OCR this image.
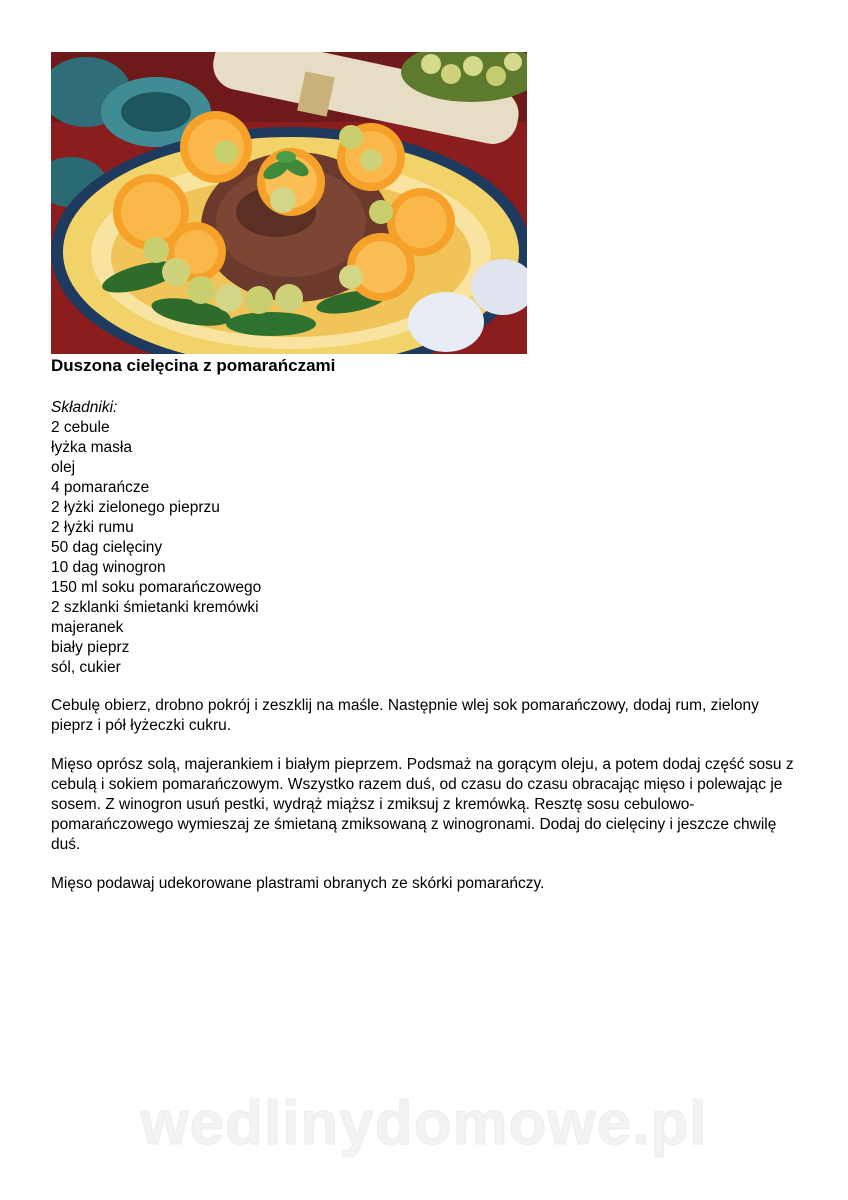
Duszona cielęcina z pomarańczami
Składniki:
2 cebule
łyżka masła
olej
4 pomarańcze
2 łyżki zielonego pieprzu
2 łyżki rumu
50 dag cielęciny
10 dag winogron
150 ml soku pomarańczowego
2 szklanki śmietanki kremówki
majeranek
biały pieprz
sól, cukier

Cebulę obierz, drobno pokrój i zeszklij na maśle. Następnie wlej sok pomarańczowy, dodaj rum, zielony pieprz i pół łyżeczki cukru.

Mięso oprósz solą, majerankiem i białym pieprzem. Podsmaż na gorącym oleju, a potem dodaj część sosu z cebulą i sokiem pomarańczowym. Wszystko razem duś, od czasu do czasu obracając mięso i polewając je sosem. Z winogron usuń pestki, wydrąż miąższ i zmiksuj z kremówką. Resztę sosu cebulowo-pomarańczowego wymieszaj ze śmietaną zmiksowaną z winogronami. Dodaj do cielęciny i jeszcze chwilę duś.

Mięso podawaj udekorowane plastrami obranych ze skórki pomarańczy.

wedlinydomowe.pl
